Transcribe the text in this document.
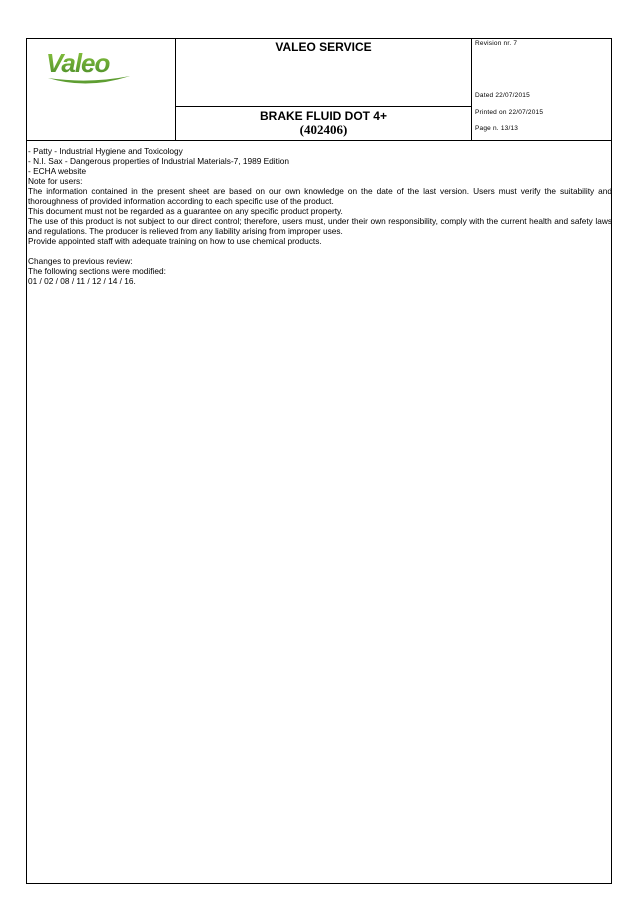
Valeo
VALEO SERVICE
BRAKE FLUID DOT 4+
(402406)
Revision nr. 7
Dated 22/07/2015
Printed on 22/07/2015
Page n. 13/13

- Patty - Industrial Hygiene and Toxicology

- N.I. Sax - Dangerous properties of Industrial Materials-7, 1989 Edition

- ECHA website

Note for users:

The information contained in the present sheet are based on our own knowledge on the date of the last version. Users must verify the suitability and thoroughness of provided information according to each specific use of the product.

This document must not be regarded as a guarantee on any specific product property.

The use of this product is not subject to our direct control; therefore, users must, under their own responsibility, comply with the current health and safety laws and regulations. The producer is relieved from any liability arising from improper uses.

Provide appointed staff with adequate training on how to use chemical products.

Changes to previous review:

The following sections were modified:

01 / 02 / 08 / 11 / 12 / 14 / 16.
